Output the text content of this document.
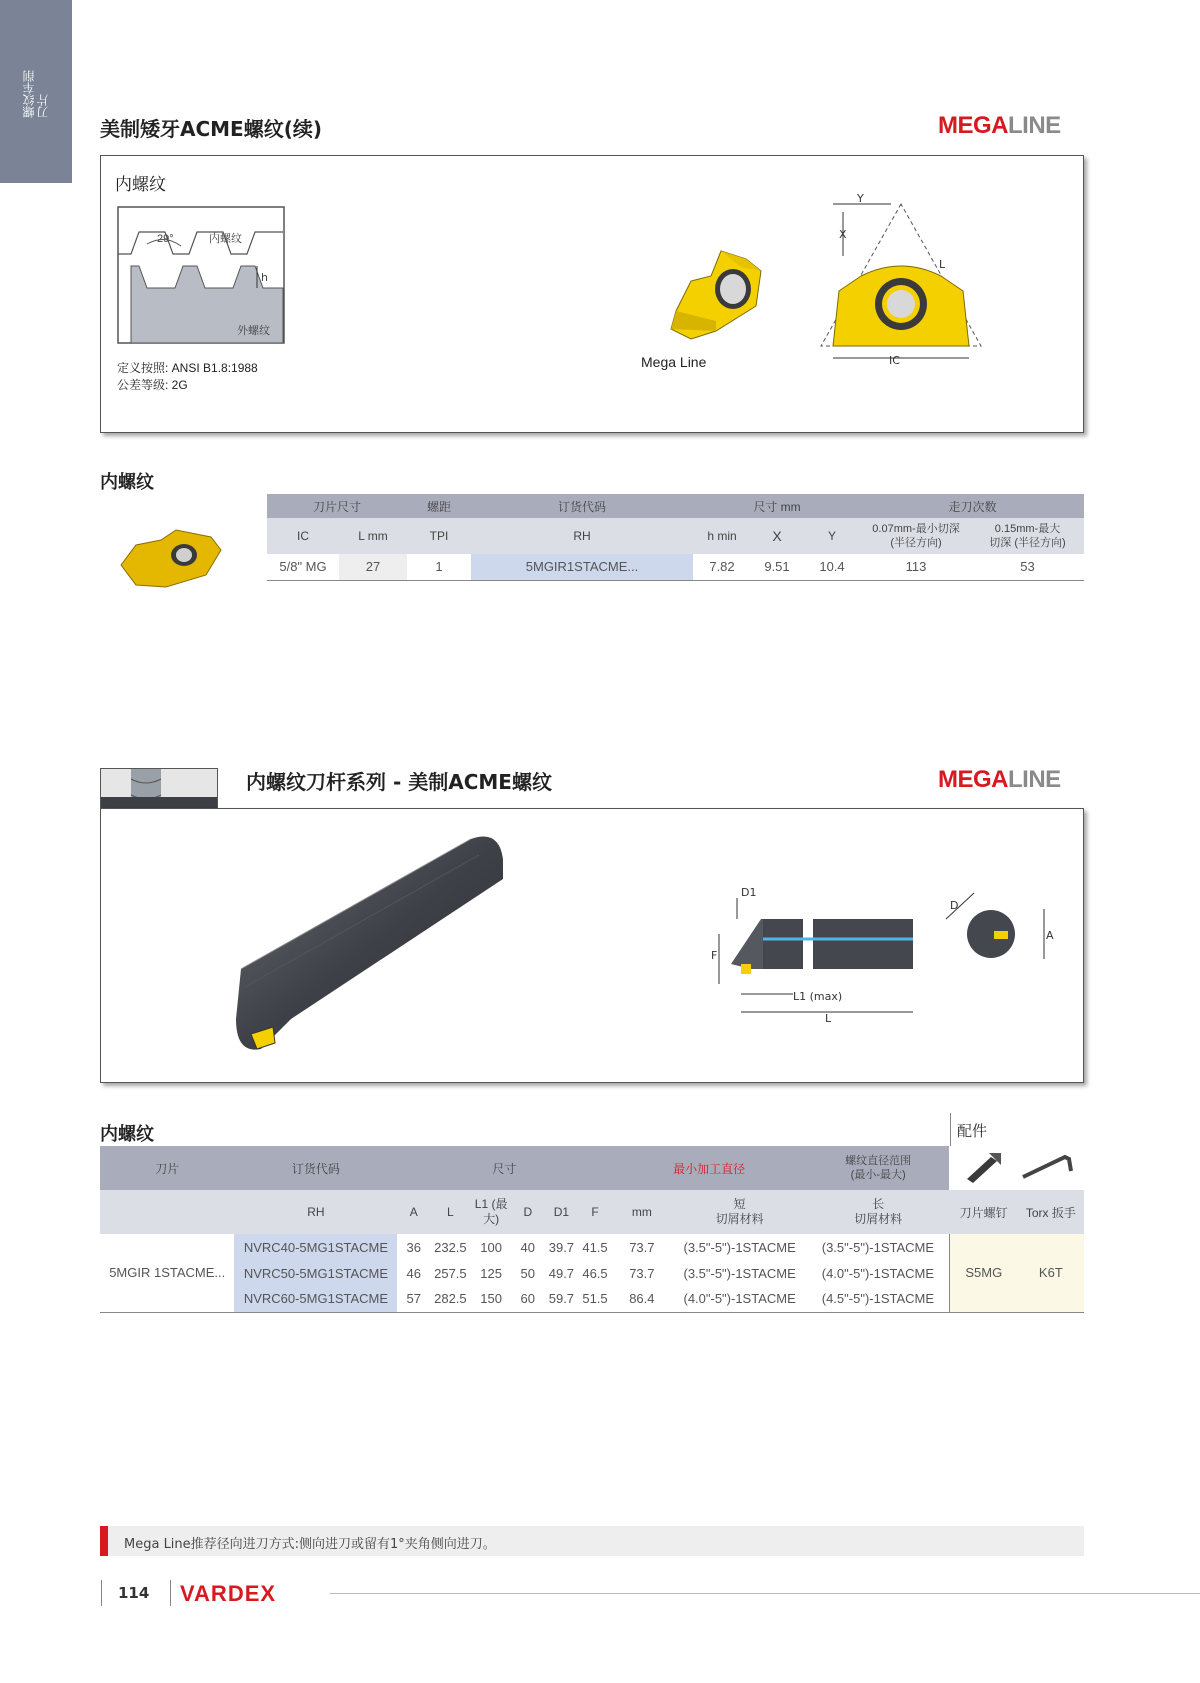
螺纹车削 刀片
美制矮牙ACME螺纹(续)	MEGALINE
内螺纹
29°	内螺纹
h
外螺纹
定义按照: ANSI B1.8:1988
公差等级: 2G
Mega Line
Y
X
L
IC
内螺纹
刀片尺寸		螺距	订货代码	尺寸 mm			走刀次数	
IC	L mm	TPI	RH	h min	X	Y	0.07mm-最小切深
(半径方向)	0.15mm-最大
切深 (半径方向)
5/8" MG	27	1	5MGIR1STACME...	7.82	9.51	10.4	113	53
内螺纹刀杆系列 - 美制ACME螺纹	MEGALINE
D1
F
L1 (max)
L
D
A
内螺纹	配件
刀片	订货代码	尺寸						最小加工直径		螺纹直径范围
(最小-最大)	
	RH	A	L	L1 (最
大)	D	D1	F	mm	短
切屑材料	长
切屑材料	刀片螺钉	Torx 扳手
5MGIR 1STACME...	NVRC40-5MG1STACME	36	232.5	100	40	39.7	41.5	73.7	(3.5"-5")-1STACME	(3.5"-5")-1STACME	S5MG	K6T
	NVRC50-5MG1STACME	46	257.5	125	50	49.7	46.5	73.7	(3.5"-5")-1STACME	(4.0"-5")-1STACME		
	NVRC60-5MG1STACME	57	282.5	150	60	59.7	51.5	86.4	(4.0"-5")-1STACME	(4.5"-5")-1STACME		
Mega Line推荐径向进刀方式:侧向进刀或留有1°夹角侧向进刀。
114 VARDEX
